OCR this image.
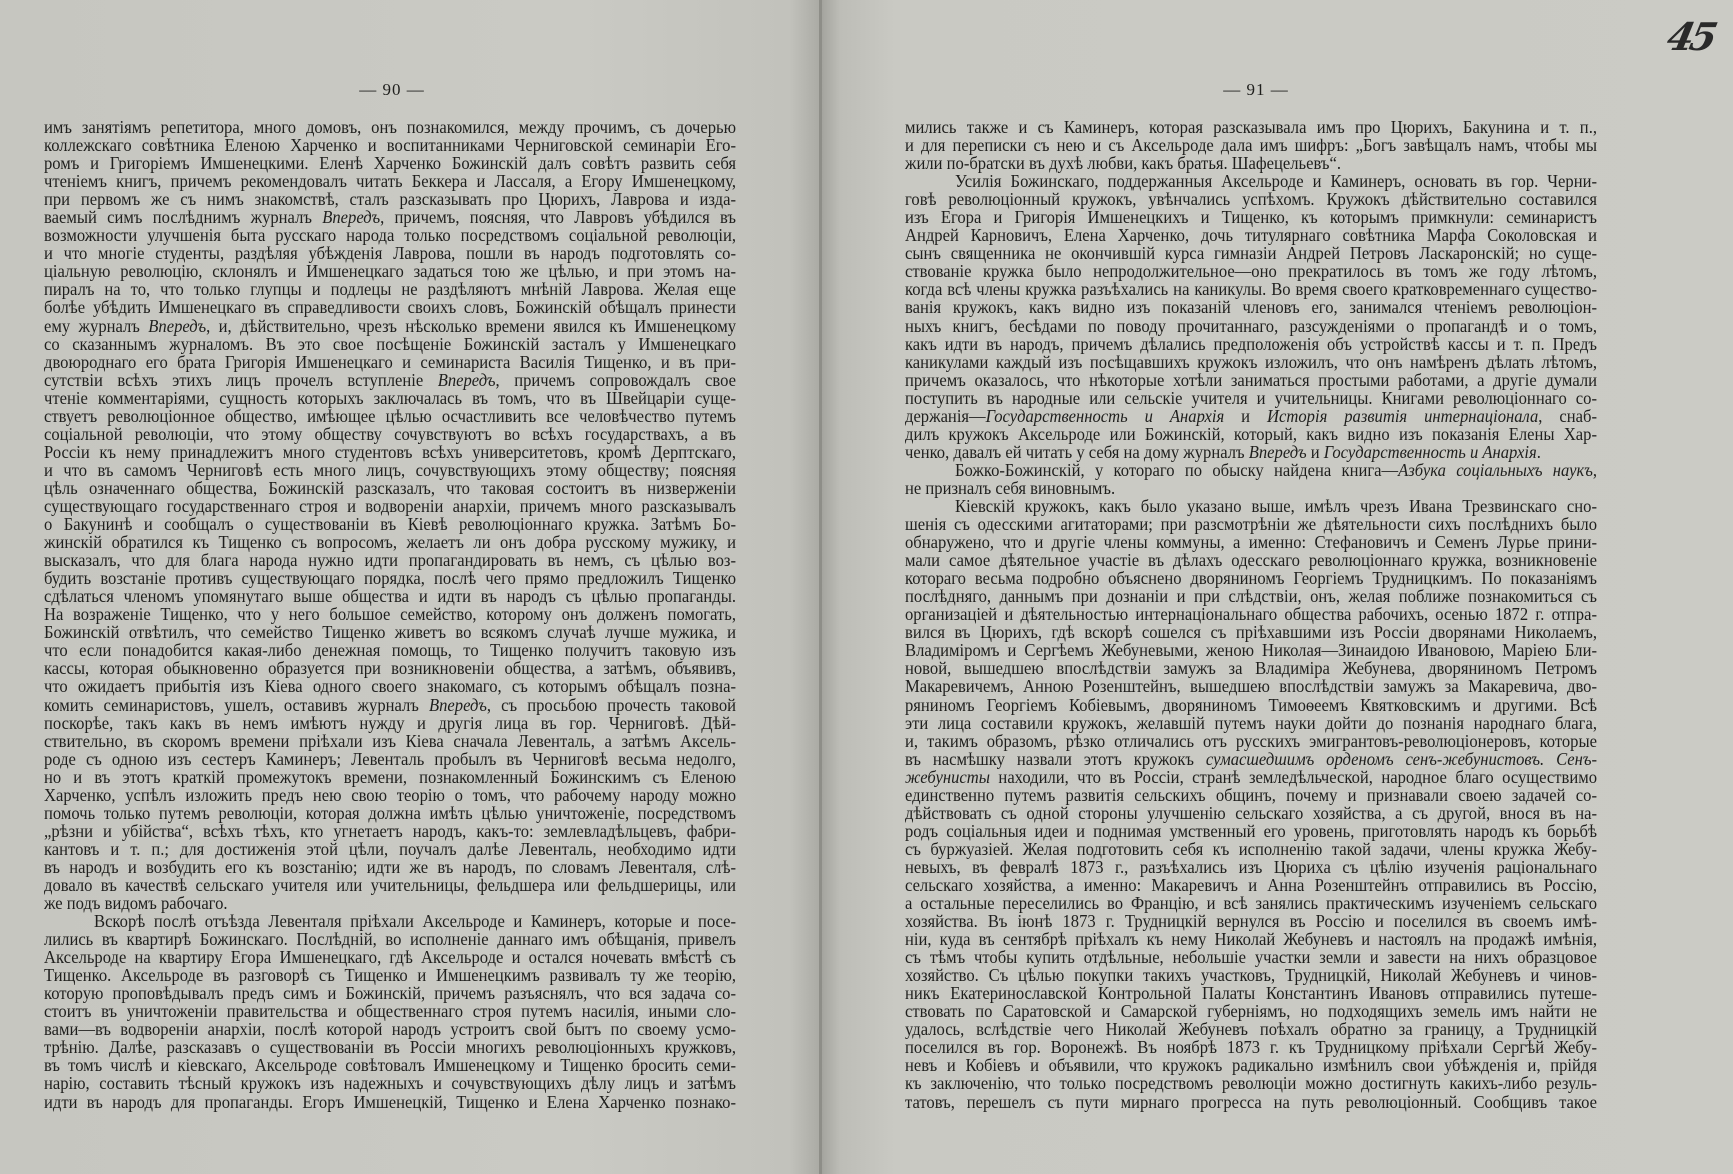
— 90 —	— 91 —
45
имъ занятіямъ репетитора, много домовъ, онъ познакомился, между прочимъ, съ дочерью
коллежскаго совѣтника Еленою Харченко и воспитанниками Черниговской семинаріи Его-
ромъ и Григоріемъ Имшенецкими. Еленѣ Харченко Божинскій далъ совѣтъ развить себя
чтеніемъ книгъ, причемъ рекомендовалъ читать Беккера и Лассаля, а Егору Имшенецкому,
при первомъ же съ нимъ знакомствѣ, сталъ разсказывать про Цюрихъ, Лаврова и изда-
ваемый симъ послѣднимъ журналъ Впередъ, причемъ, поясняя, что Лавровъ убѣдился въ
возможности улучшенія быта русскаго народа только посредствомъ соціальной революціи,
и что многіе студенты, раздѣляя убѣжденія Лаврова, пошли въ народъ подготовлять со-
ціальную революцію, склонялъ и Имшенецкаго задаться тою же цѣлью, и при этомъ на-
пиралъ на то, что только глупцы и подлецы не раздѣляютъ мнѣній Лаврова. Желая еще
болѣе убѣдить Имшенецкаго въ справедливости своихъ словъ, Божинскій обѣщалъ принести
ему журналъ Впередъ, и, дѣйствительно, чрезъ нѣсколько времени явился къ Имшенецкому
со сказаннымъ журналомъ. Въ это свое посѣщеніе Божинскій засталъ у Имшенецкаго
двоюроднаго его брата Григорія Имшенецкаго и семинариста Василія Тищенко, и въ при-
сутствіи всѣхъ этихъ лицъ прочелъ вступленіе Впередъ, причемъ сопровождалъ свое
чтеніе комментаріями, сущность которыхъ заключалась въ томъ, что въ Швейцаріи суще-
ствуетъ революціонное общество, имѣющее цѣлью осчастливить все человѣчество путемъ
соціальной революціи, что этому обществу сочувствуютъ во всѣхъ государствахъ, а въ
Россіи къ нему принадлежитъ много студентовъ всѣхъ университетовъ, кромѣ Дерптскаго,
и что въ самомъ Черниговѣ есть много лицъ, сочувствующихъ этому обществу; поясняя
цѣль означеннаго общества, Божинскій разсказалъ, что таковая состоитъ въ низверженіи
существующаго государственнаго строя и водвореніи анархіи, причемъ много разсказывалъ
о Бакунинѣ и сообщалъ о существованіи въ Кіевѣ революціоннаго кружка. Затѣмъ Бо-
жинскій обратился къ Тищенко съ вопросомъ, желаетъ ли онъ добра русскому мужику, и
высказалъ, что для блага народа нужно идти пропагандировать въ немъ, съ цѣлью воз-
будить возстаніе противъ существующаго порядка, послѣ чего прямо предложилъ Тищенко
сдѣлаться членомъ упомянутаго выше общества и идти въ народъ съ цѣлью пропаганды.
На возраженіе Тищенко, что у него большое семейство, которому онъ долженъ помогать,
Божинскій отвѣтилъ, что семейство Тищенко живетъ во всякомъ случаѣ лучше мужика, и
что если понадобится какая-либо денежная помощь, то Тищенко получитъ таковую изъ
кассы, которая обыкновенно образуется при возникновеніи общества, а затѣмъ, объявивъ,
что ожидаетъ прибытія изъ Кіева одного своего знакомаго, съ которымъ обѣщалъ позна-
комить семинаристовъ, ушелъ, оставивъ журналъ Впередъ, съ просьбою прочесть таковой
поскорѣе, такъ какъ въ немъ имѣютъ нужду и другія лица въ гор. Черниговѣ. Дѣй-
ствительно, въ скоромъ времени пріѣхали изъ Кіева сначала Левенталь, а затѣмъ Аксель-
роде съ одною изъ сестеръ Каминеръ; Левенталь пробылъ въ Черниговѣ весьма недолго,
но и въ этотъ краткій промежутокъ времени, познакомленный Божинскимъ съ Еленою
Харченко, успѣлъ изложить предъ нею свою теорію о томъ, что рабочему народу можно
помочь только путемъ революціи, которая должна имѣть цѣлью уничтоженіе, посредствомъ
„рѣзни и убійства“, всѣхъ тѣхъ, кто угнетаетъ народъ, какъ-то: землевладѣльцевъ, фабри-
кантовъ и т. п.; для достиженія этой цѣли, поучалъ далѣе Левенталь, необходимо идти
въ народъ и возбудить его къ возстанію; идти же въ народъ, по словамъ Левенталя, слѣ-
довало въ качествѣ сельскаго учителя или учительницы, фельдшера или фельдшерицы, или
же подъ видомъ рабочаго.
Вскорѣ послѣ отъѣзда Левенталя пріѣхали Аксельроде и Каминеръ, которые и посе-
лились въ квартирѣ Божинскаго. Послѣдній, во исполненіе даннаго имъ обѣщанія, привелъ
Аксельроде на квартиру Егора Имшенецкаго, гдѣ Аксельроде и остался ночевать вмѣстѣ съ
Тищенко. Аксельроде въ разговорѣ съ Тищенко и Имшенецкимъ развивалъ ту же теорію,
которую проповѣдывалъ предъ симъ и Божинскій, причемъ разъяснялъ, что вся задача со-
стоитъ въ уничтоженіи правительства и общественнаго строя путемъ насилія, иными сло-
вами—въ водвореніи анархіи, послѣ которой народъ устроитъ свой бытъ по своему усмо-
трѣнію. Далѣе, разсказавъ о существованіи въ Россіи многихъ революціонныхъ кружковъ,
въ томъ числѣ и кіевскаго, Аксельроде совѣтовалъ Имшенецкому и Тищенко бросить семи-
нарію, составить тѣсный кружокъ изъ надежныхъ и сочувствующихъ дѣлу лицъ и затѣмъ
идти въ народъ для пропаганды. Егоръ Имшенецкій, Тищенко и Елена Харченко познако-
мились также и съ Каминеръ, которая разсказывала имъ про Цюрихъ, Бакунина и т. п.,
и для переписки съ нею и съ Аксельроде дала имъ шифръ: „Богъ завѣщалъ намъ, чтобы мы
жили по-братски въ духѣ любви, какъ братья. Шафецельевъ“.
Усилія Божинскаго, поддержанныя Аксельроде и Каминеръ, основать въ гор. Черни-
говѣ революціонный кружокъ, увѣнчались успѣхомъ. Кружокъ дѣйствительно составился
изъ Егора и Григорія Имшенецкихъ и Тищенко, къ которымъ примкнули: семинаристъ
Андрей Карновичъ, Елена Харченко, дочь титулярнаго совѣтника Марфа Соколовская и
сынъ священника не окончившій курса гимназіи Андрей Петровъ Ласкаронскій; но суще-
ствованіе кружка было непродолжительное—оно прекратилось въ томъ же году лѣтомъ,
когда всѣ члены кружка разъѣхались на каникулы. Во время своего кратковременнаго существо-
ванія кружокъ, какъ видно изъ показаній членовъ его, занимался чтеніемъ революціон-
ныхъ книгъ, бесѣдами по поводу прочитаннаго, разсужденіями о пропагандѣ и о томъ,
какъ идти въ народъ, причемъ дѣлались предположенія объ устройствѣ кассы и т. п. Предъ
каникулами каждый изъ посѣщавшихъ кружокъ изложилъ, что онъ намѣренъ дѣлать лѣтомъ,
причемъ оказалось, что нѣкоторые хотѣли заниматься простыми работами, а другіе думали
поступить въ народные или сельскіе учителя и учительницы. Книгами революціоннаго со-
держанія—Государственность и Анархія и Исторія развитія интернаціонала, снаб-
дилъ кружокъ Аксельроде или Божинскій, который, какъ видно изъ показанія Елены Хар-
ченко, давалъ ей читать у себя на дому журналъ Впередъ и Государственность и Анархія.
Божко-Божинскій, у котораго по обыску найдена книга—Азбука соціальныхъ наукъ,
не призналъ себя виновнымъ.
Кіевскій кружокъ, какъ было указано выше, имѣлъ чрезъ Ивана Трезвинскаго сно-
шенія съ одесскими агитаторами; при разсмотрѣніи же дѣятельности сихъ послѣднихъ было
обнаружено, что и другіе члены коммуны, а именно: Стефановичъ и Семенъ Лурье прини-
мали самое дѣятельное участіе въ дѣлахъ одесскаго революціоннаго кружка, возникновеніе
котораго весьма подробно объяснено дворяниномъ Георгіемъ Трудницкимъ. По показаніямъ
послѣдняго, даннымъ при дознаніи и при слѣдствіи, онъ, желая поближе познакомиться съ
организаціей и дѣятельностью интернаціональнаго общества рабочихъ, осенью 1872 г. отпра-
вился въ Цюрихъ, гдѣ вскорѣ сошелся съ пріѣхавшими изъ Россіи дворянами Николаемъ,
Владиміромъ и Сергѣемъ Жебуневыми, женою Николая—Зинаидою Ивановою, Маріею Бли-
новой, вышедшею впослѣдствіи замужъ за Владиміра Жебунева, дворяниномъ Петромъ
Макаревичемъ, Анною Розенштейнъ, вышедшею впослѣдствіи замужъ за Макаревича, дво-
ряниномъ Георгіемъ Кобіевымъ, дворяниномъ Тимоѳеемъ Квятковскимъ и другими. Всѣ
эти лица составили кружокъ, желавшій путемъ науки дойти до познанія народнаго блага,
и, такимъ образомъ, рѣзко отличались отъ русскихъ эмигрантовъ-революціонеровъ, которые
въ насмѣшку назвали этотъ кружокъ сумасшедшимъ орденомъ сенъ-жебунистовъ. Сенъ-
жебунисты находили, что въ Россіи, странѣ земледѣльческой, народное благо осуществимо
единственно путемъ развитія сельскихъ общинъ, почему и признавали своею задачей со-
дѣйствовать съ одной стороны улучшенію сельскаго хозяйства, а съ другой, внося въ на-
родъ соціальныя идеи и поднимая умственный его уровень, приготовлять народъ къ борьбѣ
съ буржуазіей. Желая подготовить себя къ исполненію такой задачи, члены кружка Жебу-
невыхъ, въ февралѣ 1873 г., разъѣхались изъ Цюриха съ цѣлію изученія раціональнаго
сельскаго хозяйства, а именно: Макаревичъ и Анна Розенштейнъ отправились въ Россію,
а остальные переселились во Францію, и всѣ занялись практическимъ изученіемъ сельскаго
хозяйства. Въ іюнѣ 1873 г. Трудницкій вернулся въ Россію и поселился въ своемъ имѣ-
ніи, куда въ сентябрѣ пріѣхалъ къ нему Николай Жебуневъ и настоялъ на продажѣ имѣнія,
съ тѣмъ чтобы купить отдѣльные, небольшіе участки земли и завести на нихъ образцовое
хозяйство. Съ цѣлью покупки такихъ участковъ, Трудницкій, Николай Жебуневъ и чинов-
никъ Екатеринославской Контрольной Палаты Константинъ Ивановъ отправились путеше-
ствовать по Саратовской и Самарской губерніямъ, но подходящихъ земель имъ найти не
удалось, вслѣдствіе чего Николай Жебуневъ поѣхалъ обратно за границу, а Трудницкій
поселился въ гор. Воронежѣ. Въ ноябрѣ 1873 г. къ Трудницкому пріѣхали Сергѣй Жебу-
невъ и Кобіевъ и объявили, что кружокъ радикально измѣнилъ свои убѣжденія и, прійдя
къ заключенію, что только посредствомъ революціи можно достигнуть какихъ-либо резуль-
татовъ, перешелъ съ пути мирнаго прогресса на путь революціонный. Сообщивъ такое
